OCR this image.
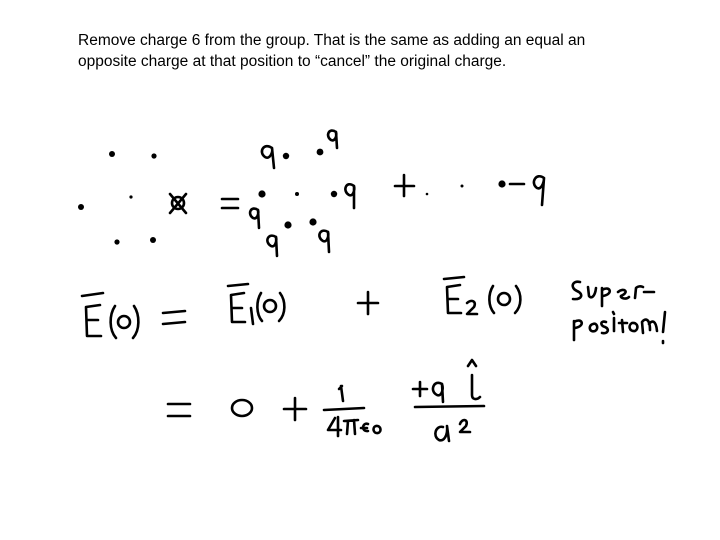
Remove charge 6 from the group. That is the same as adding an equal an
opposite charge at that position to “cancel” the original charge.
